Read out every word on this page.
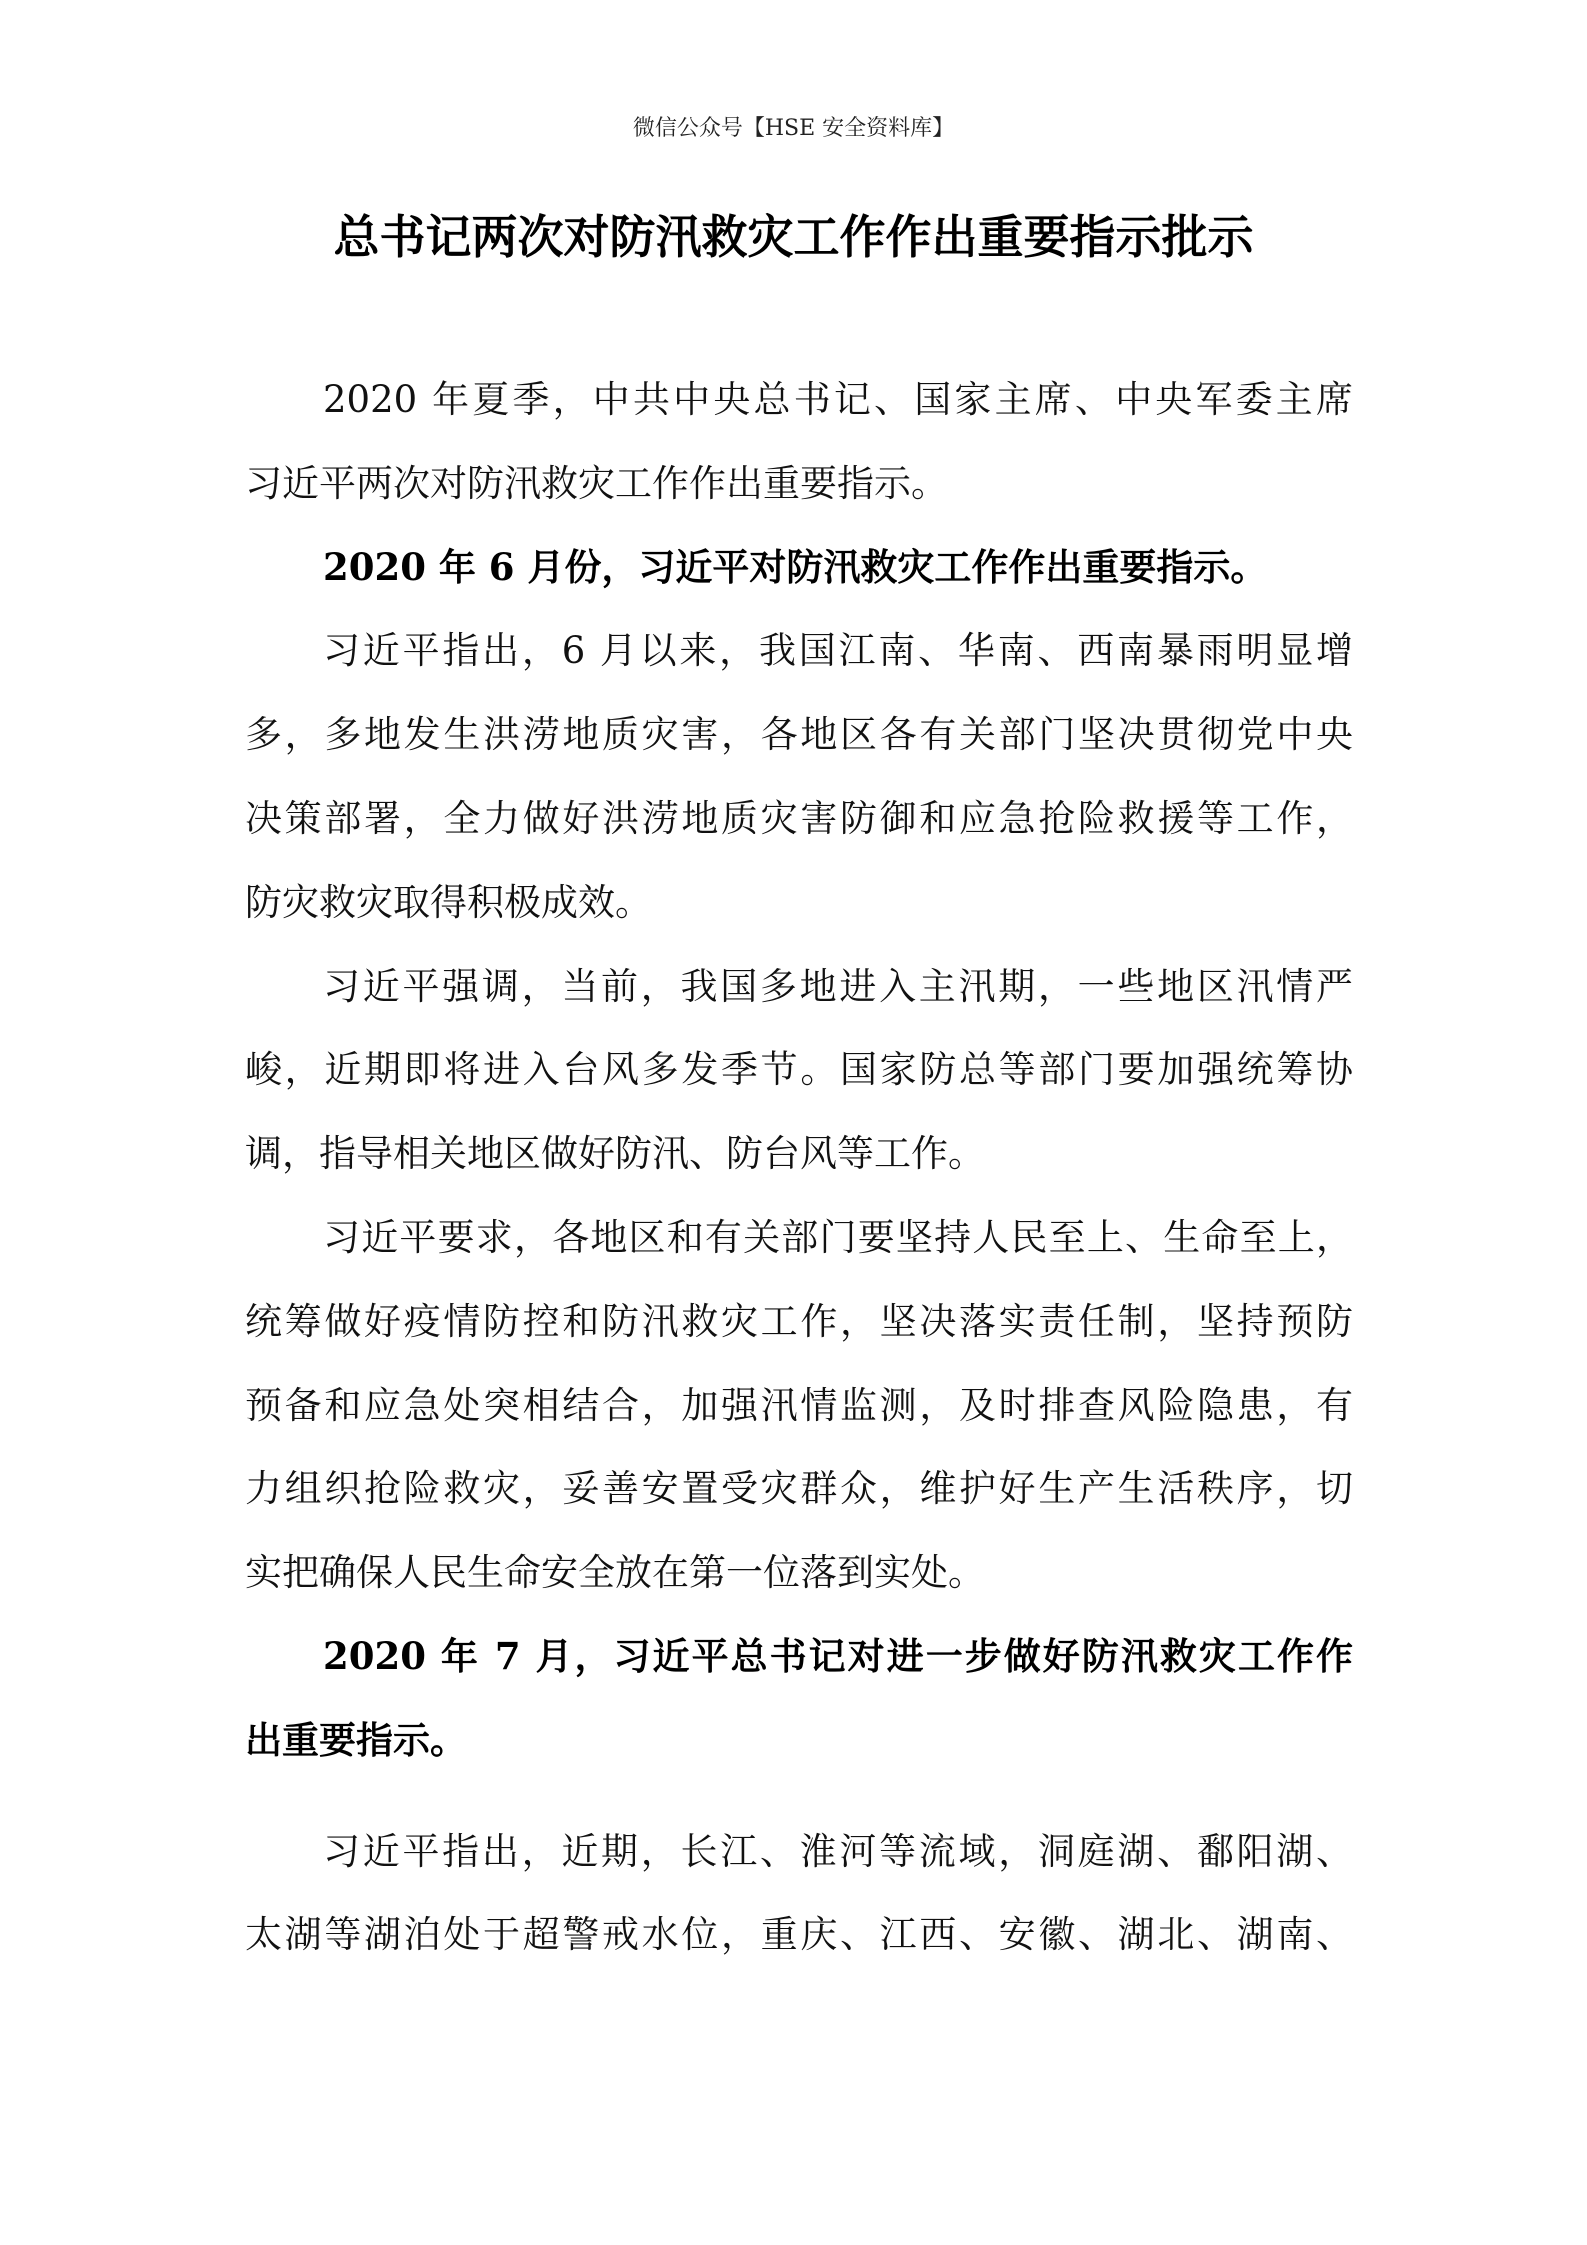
微信公众号【HSE 安全资料库】
总书记两次对防汛救灾工作作出重要指示批示
2020 年夏季，中共中央总书记、国家主席、中央军委主席
习近平两次对防汛救灾工作作出重要指示。
2020 年 6 月份，习近平对防汛救灾工作作出重要指示。
习近平指出，6 月以来，我国江南、华南、西南暴雨明显增
多，多地发生洪涝地质灾害，各地区各有关部门坚决贯彻党中央
决策部署，全力做好洪涝地质灾害防御和应急抢险救援等工作，
防灾救灾取得积极成效。
习近平强调，当前，我国多地进入主汛期，一些地区汛情严
峻，近期即将进入台风多发季节。国家防总等部门要加强统筹协
调，指导相关地区做好防汛、防台风等工作。
习近平要求，各地区和有关部门要坚持人民至上、生命至上，
统筹做好疫情防控和防汛救灾工作，坚决落实责任制，坚持预防
预备和应急处突相结合，加强汛情监测，及时排查风险隐患，有
力组织抢险救灾，妥善安置受灾群众，维护好生产生活秩序，切
实把确保人民生命安全放在第一位落到实处。
2020 年 7 月，习近平总书记对进一步做好防汛救灾工作作
出重要指示。
习近平指出，近期，长江、淮河等流域，洞庭湖、鄱阳湖、
太湖等湖泊处于超警戒水位，重庆、江西、安徽、湖北、湖南、
